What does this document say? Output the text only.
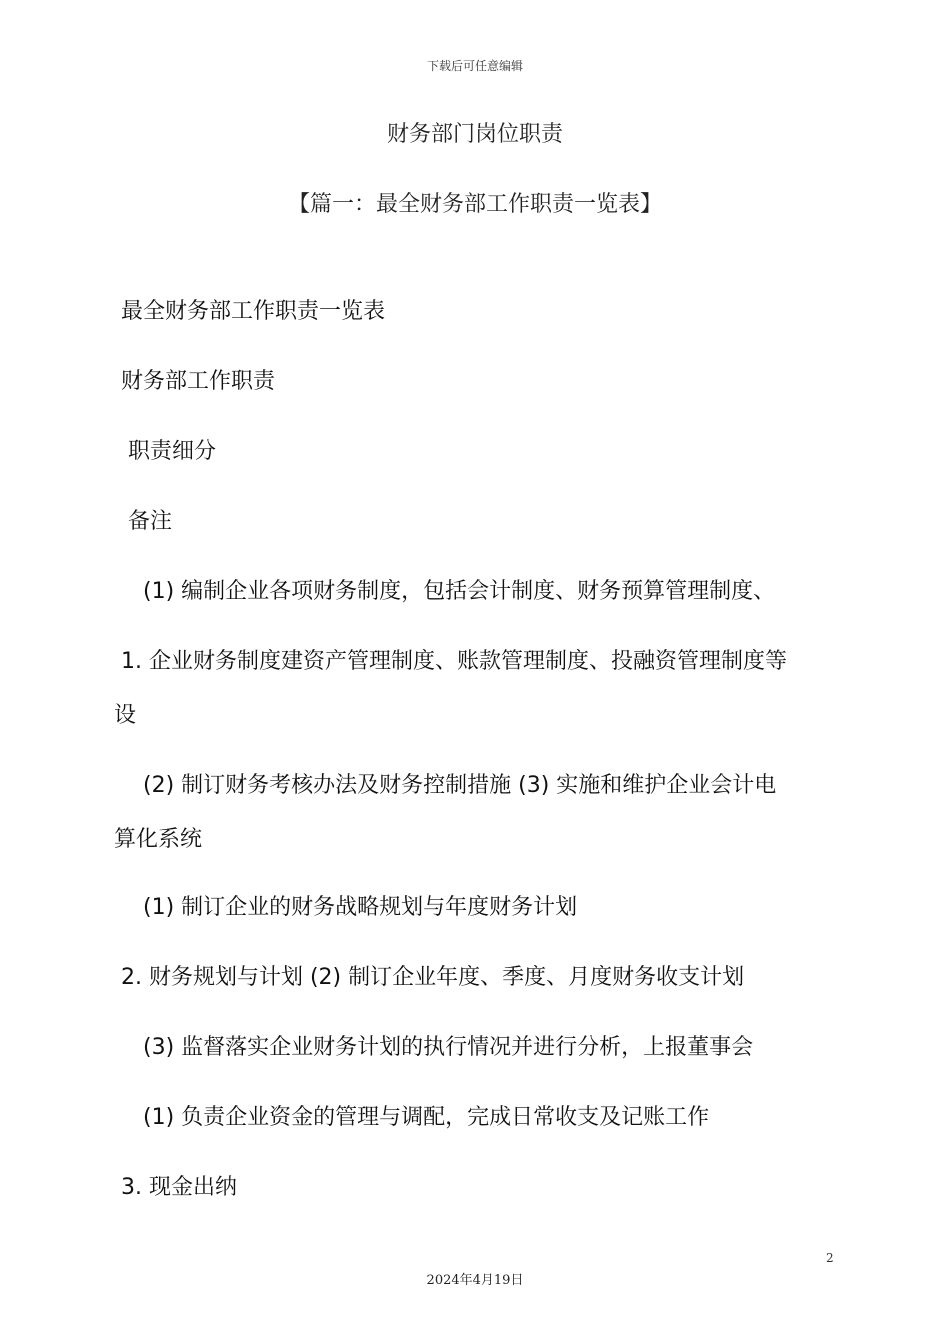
下载后可任意编辑
财务部门岗位职责
【篇一：最全财务部工作职责一览表】
最全财务部工作职责一览表
财务部工作职责
职责细分
备注
(1) 编制企业各项财务制度，包括会计制度、财务预算管理制度、
1. 企业财务制度建资产管理制度、账款管理制度、投融资管理制度等
设
(2) 制订财务考核办法及财务控制措施 (3) 实施和维护企业会计电
算化系统
(1) 制订企业的财务战略规划与年度财务计划
2. 财务规划与计划 (2) 制订企业年度、季度、月度财务收支计划
(3) 监督落实企业财务计划的执行情况并进行分析，上报董事会
(1) 负责企业资金的管理与调配，完成日常收支及记账工作
3. 现金出纳
2
2024年4月19日
